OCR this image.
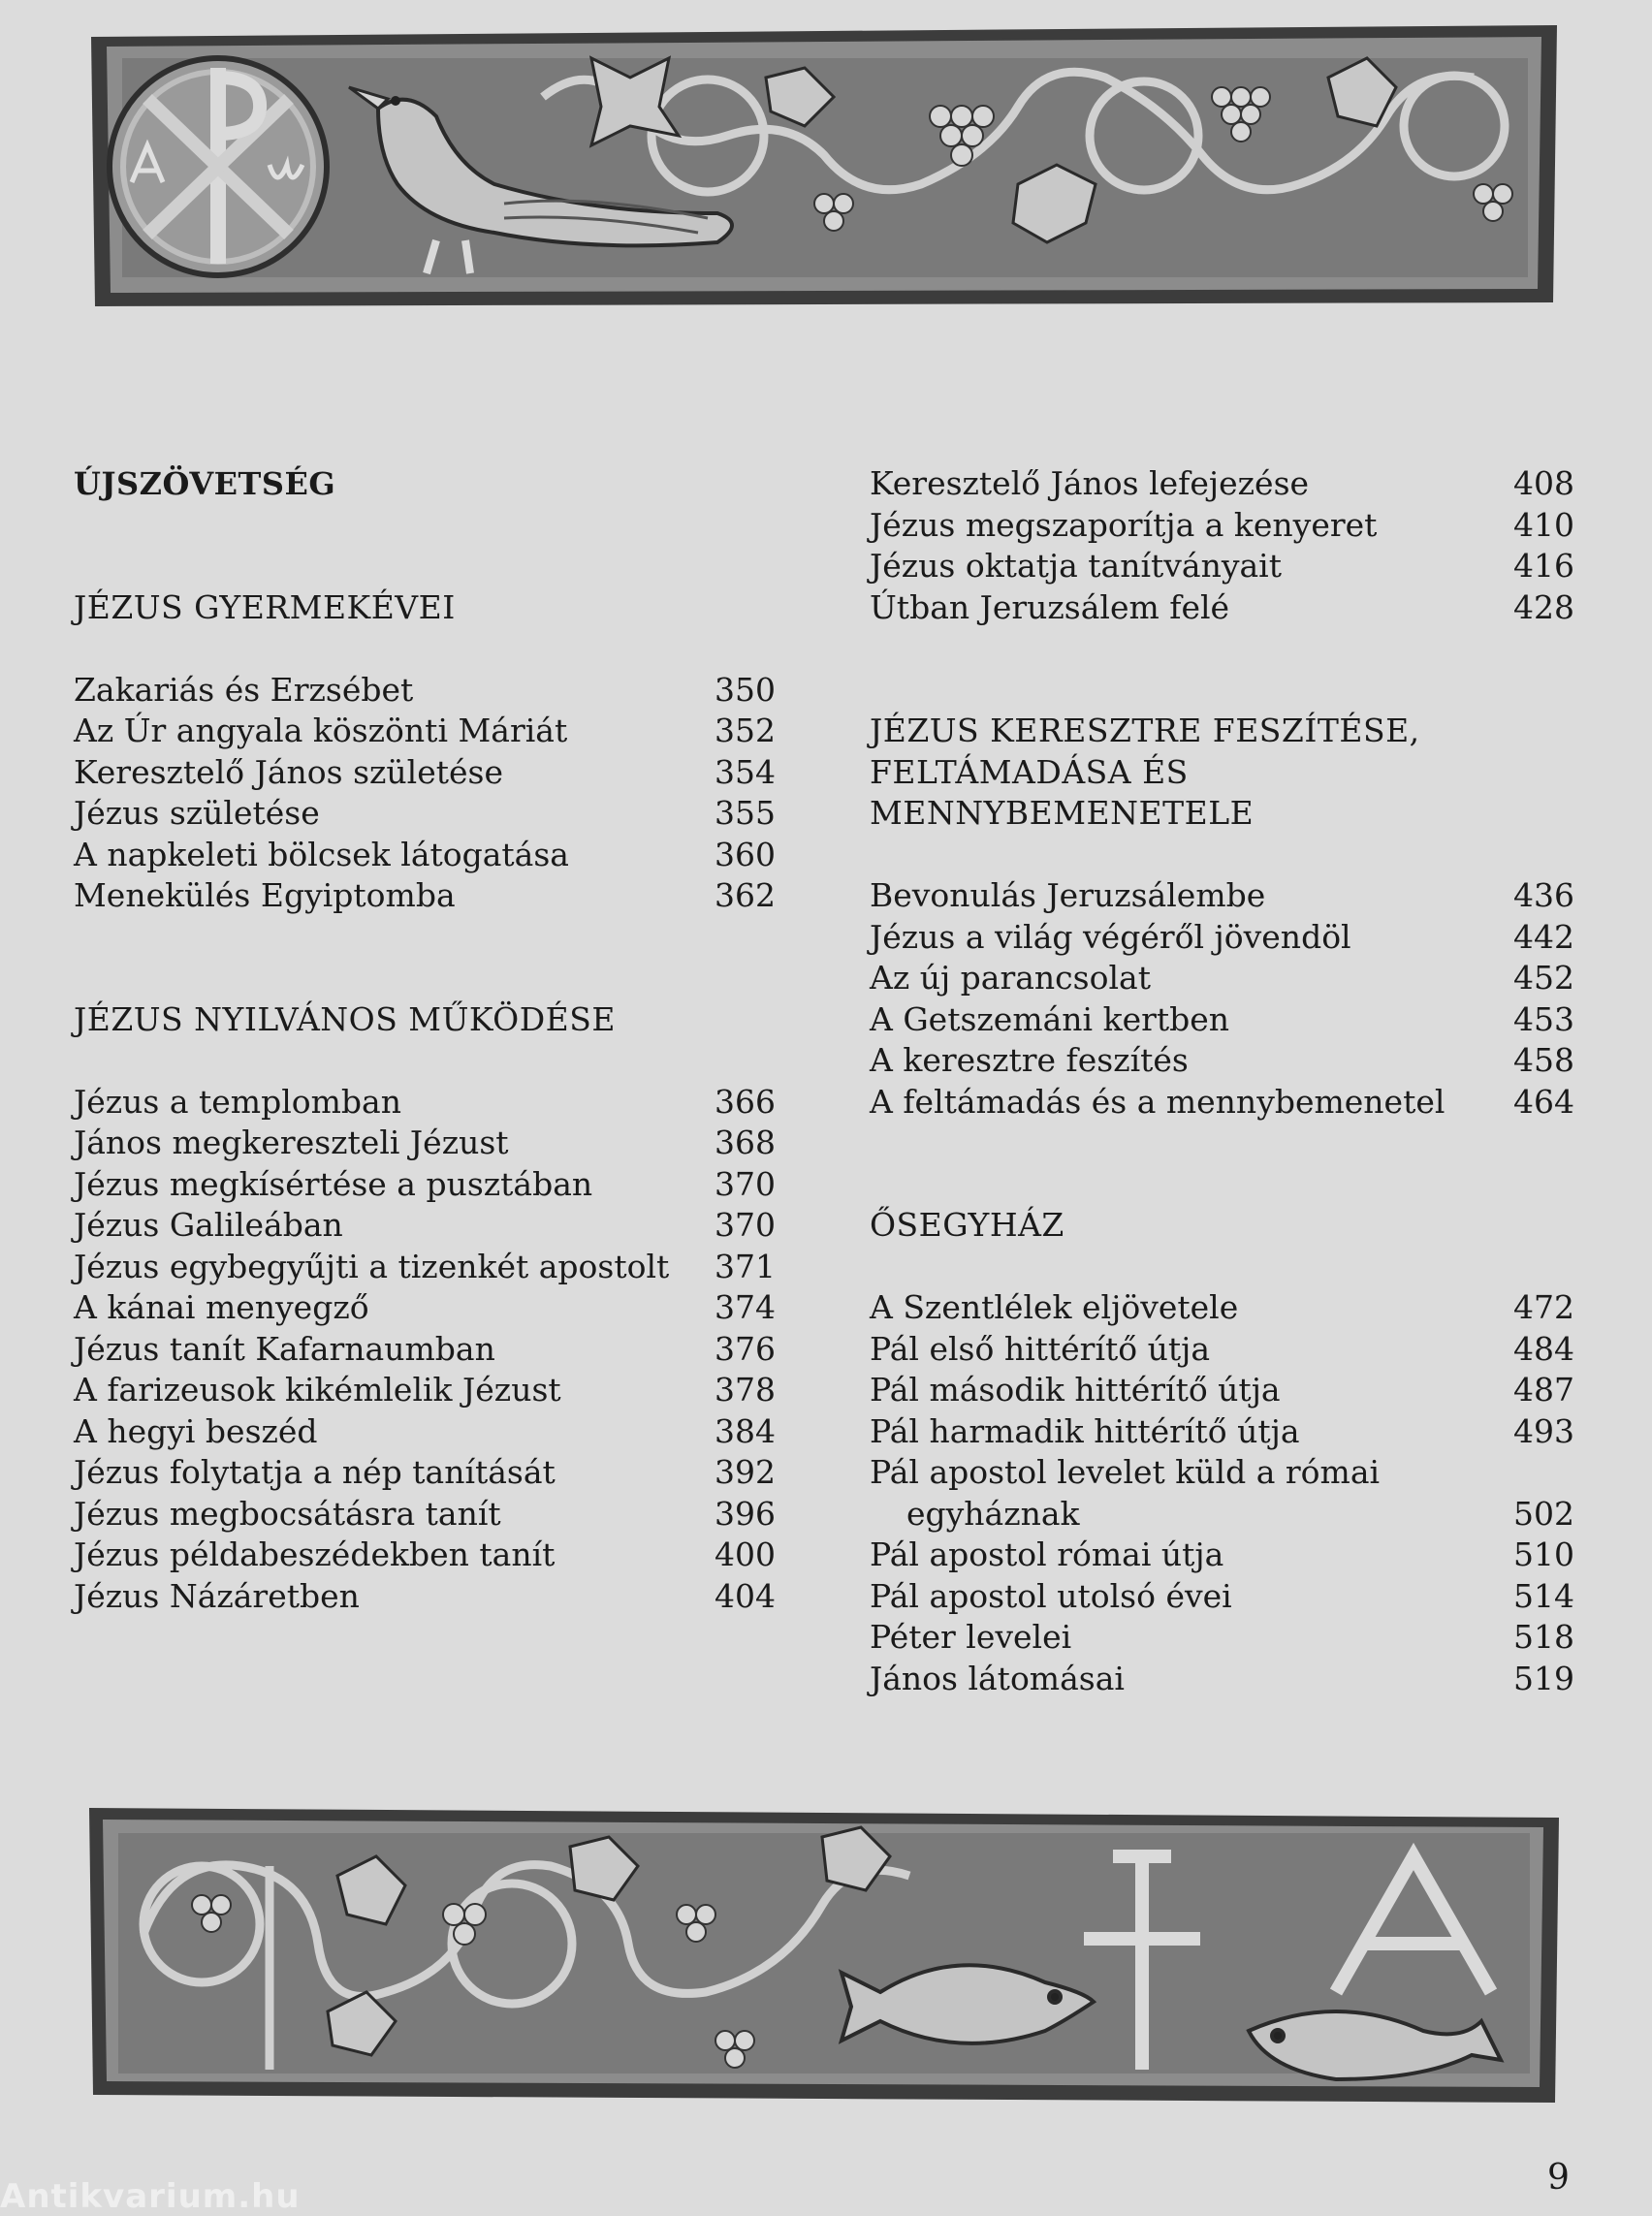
ÚJSZÖVETSÉG
JÉZUS GYERMEKÉVEI
Zakariás és Erzsébet	350
Az Úr angyala köszönti Máriát	352
Keresztelő János születése	354
Jézus születése	355
A napkeleti bölcsek látogatása	360
Menekülés Egyiptomba	362
JÉZUS NYILVÁNOS MŰKÖDÉSE
Jézus a templomban	366
János megkereszteli Jézust	368
Jézus megkísértése a pusztában	370
Jézus Galileában	370
Jézus egybegyűjti a tizenkét apostolt 371
A kánai menyegző	374
Jézus tanít Kafarnaumban	376
A farizeusok kikémlelik Jézust	378
A hegyi beszéd	384
Jézus folytatja a nép tanítását	392
Jézus megbocsátásra tanít	396
Jézus példabeszédekben tanít	400
Jézus Názáretben	404
Keresztelő János lefejezése	408
Jézus megszaporítja a kenyeret	410
Jézus oktatja tanítványait	416
Útban Jeruzsálem felé	428
JÉZUS KERESZTRE FESZÍTÉSE,
FELTÁMADÁSA ÉS
MENNYBEMENETELE
Bevonulás Jeruzsálembe	436
Jézus a világ végéről jövendöl	442
Az új parancsolat	452
A Getszemáni kertben	453
A keresztre feszítés	458
A feltámadás és a mennybemenetel 464
ŐSEGYHÁZ
A Szentlélek eljövetele	472
Pál első hittérítő útja	484
Pál második hittérítő útja	487
Pál harmadik hittérítő útja	493
Pál apostol levelet küld a római
egyháznak	502
Pál apostol római útja	510
Pál apostol utolsó évei	514
Péter levelei	518
János látomásai	519
9
Antikvarium.hu
